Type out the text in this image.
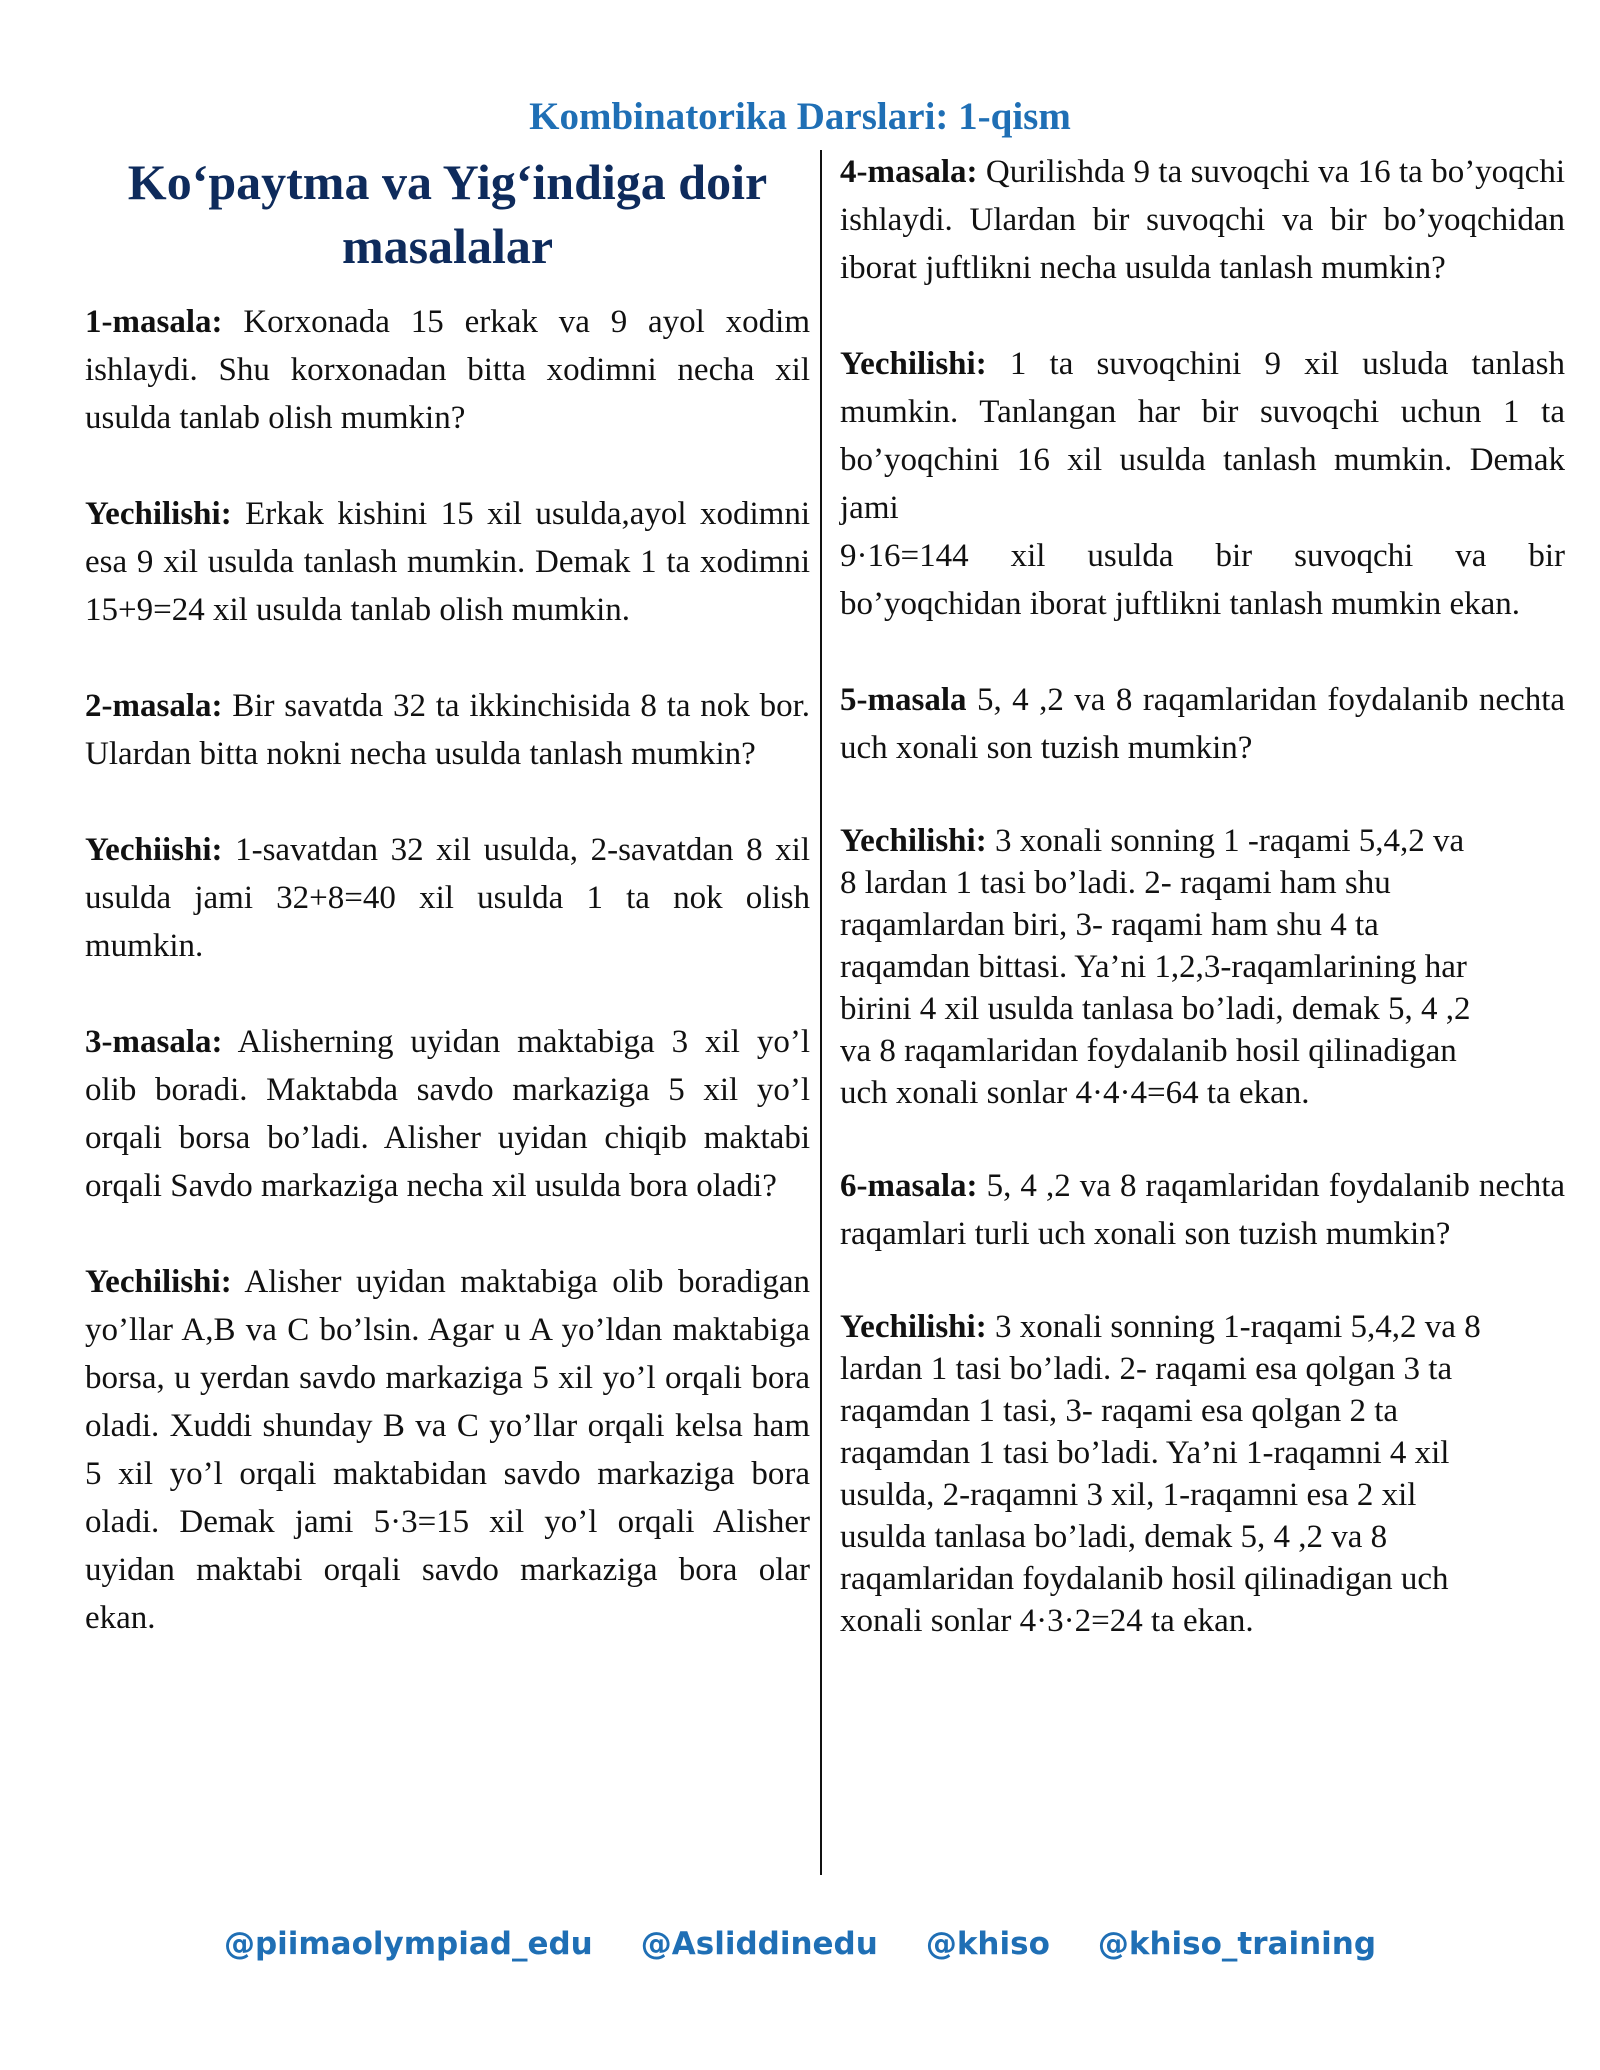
Kombinatorika Darslari: 1-qism
Ko‘paytma va Yig‘indiga doir masalalar

1-masala: Korxonada 15 erkak va 9 ayol xodim ishlaydi. Shu korxonadan bitta xodimni necha xil usulda tanlab olish mumkin?

Yechilishi: Erkak kishini 15 xil usulda,ayol xodimni esa 9 xil usulda tanlash mumkin. Demak 1 ta xodimni 15+9=24 xil usulda tanlab olish mumkin.

2-masala: Bir savatda 32 ta ikkinchisida 8 ta nok bor. Ulardan bitta nokni necha usulda tanlash mumkin?

Yechiishi: 1-savatdan 32 xil usulda, 2-savatdan 8 xil usulda jami 32+8=40 xil usulda 1 ta nok olish mumkin.

3-masala: Alisherning uyidan maktabiga 3 xil yo’l olib boradi. Maktabda savdo markaziga 5 xil yo’l orqali borsa bo’ladi. Alisher uyidan chiqib maktabi orqali Savdo markaziga necha xil usulda bora oladi?

Yechilishi: Alisher uyidan maktabiga olib boradigan yo’llar A,B va C bo’lsin. Agar u A yo’ldan maktabiga borsa, u yerdan savdo markaziga 5 xil yo’l orqali bora oladi. Xuddi shunday B va C yo’llar orqali kelsa ham 5 xil yo’l orqali maktabidan savdo markaziga bora oladi. Demak jami 5·3=15 xil yo’l orqali Alisher uyidan maktabi orqali savdo markaziga bora olar ekan.

4-masala: Qurilishda 9 ta suvoqchi va 16 ta bo’yoqchi ishlaydi. Ulardan bir suvoqchi va bir bo’yoqchidan iborat juftlikni necha usulda tanlash mumkin?

Yechilishi: 1 ta suvoqchini 9 xil usluda tanlash mumkin. Tanlangan har bir suvoqchi uchun 1 ta bo’yoqchini 16 xil usulda tanlash mumkin. Demak jami
9·16=144 xil usulda bir suvoqchi va bir
bo’yoqchidan iborat juftlikni tanlash mumkin ekan.

5-masala 5, 4 ,2 va 8 raqamlaridan foydalanib nechta uch xonali son tuzish mumkin?

Yechilishi: 3 xonali sonning 1 -raqami 5,4,2 va
8 lardan 1 tasi bo’ladi. 2- raqami ham shu
raqamlardan biri, 3- raqami ham shu 4 ta
raqamdan bittasi. Ya’ni 1,2,3-raqamlarining har
birini 4 xil usulda tanlasa bo’ladi, demak 5, 4 ,2
va 8 raqamlaridan foydalanib hosil qilinadigan
uch xonali sonlar 4·4·4=64 ta ekan.

6-masala: 5, 4 ,2 va 8 raqamlaridan foydalanib nechta raqamlari turli uch xonali son tuzish mumkin?

Yechilishi: 3 xonali sonning 1-raqami 5,4,2 va 8
lardan 1 tasi bo’ladi. 2- raqami esa qolgan 3 ta
raqamdan 1 tasi, 3- raqami esa qolgan 2 ta
raqamdan 1 tasi bo’ladi. Ya’ni 1-raqamni 4 xil
usulda, 2-raqamni 3 xil, 1-raqamni esa 2 xil
usulda tanlasa bo’ladi, demak 5, 4 ,2 va 8
raqamlaridan foydalanib hosil qilinadigan uch
xonali sonlar 4·3·2=24 ta ekan.
@piimaolympiad_edu @Asliddinedu @khiso @khiso_training
